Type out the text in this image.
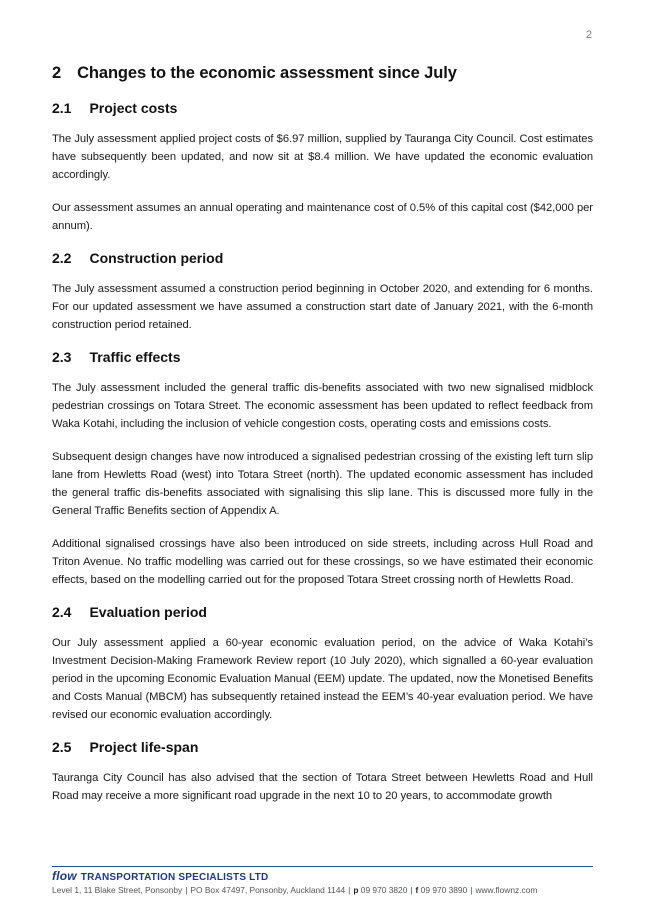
2
2 Changes to the economic assessment since July
2.1 Project costs

The July assessment applied project costs of $6.97 million, supplied by Tauranga City Council. Cost estimates have subsequently been updated, and now sit at $8.4 million. We have updated the economic evaluation accordingly.

Our assessment assumes an annual operating and maintenance cost of 0.5% of this capital cost ($42,000 per annum).

2.2 Construction period

The July assessment assumed a construction period beginning in October 2020, and extending for 6 months. For our updated assessment we have assumed a construction start date of January 2021, with the 6-month construction period retained.

2.3 Traffic effects

The July assessment included the general traffic dis-benefits associated with two new signalised midblock pedestrian crossings on Totara Street. The economic assessment has been updated to reflect feedback from Waka Kotahi, including the inclusion of vehicle congestion costs, operating costs and emissions costs.

Subsequent design changes have now introduced a signalised pedestrian crossing of the existing left turn slip lane from Hewletts Road (west) into Totara Street (north). The updated economic assessment has included the general traffic dis-benefits associated with signalising this slip lane. This is discussed more fully in the General Traffic Benefits section of Appendix A.

Additional signalised crossings have also been introduced on side streets, including across Hull Road and Triton Avenue. No traffic modelling was carried out for these crossings, so we have estimated their economic effects, based on the modelling carried out for the proposed Totara Street crossing north of Hewletts Road.

2.4 Evaluation period

Our July assessment applied a 60-year economic evaluation period, on the advice of Waka Kotahi’s Investment Decision-Making Framework Review report (10 July 2020), which signalled a 60-year evaluation period in the upcoming Economic Evaluation Manual (EEM) update. The updated, now the Monetised Benefits and Costs Manual (MBCM) has subsequently retained instead the EEM’s 40-year evaluation period. We have revised our economic evaluation accordingly.

2.5 Project life-span

Tauranga City Council has also advised that the section of Totara Street between Hewletts Road and Hull Road may receive a more significant road upgrade in the next 10 to 20 years, to accommodate growth

flow TRANSPORTATION SPECIALISTS LTD
Level 1, 11 Blake Street, Ponsonby | PO Box 47497, Ponsonby, Auckland 1144 | p 09 970 3820 | f 09 970 3890 | www.flownz.com
